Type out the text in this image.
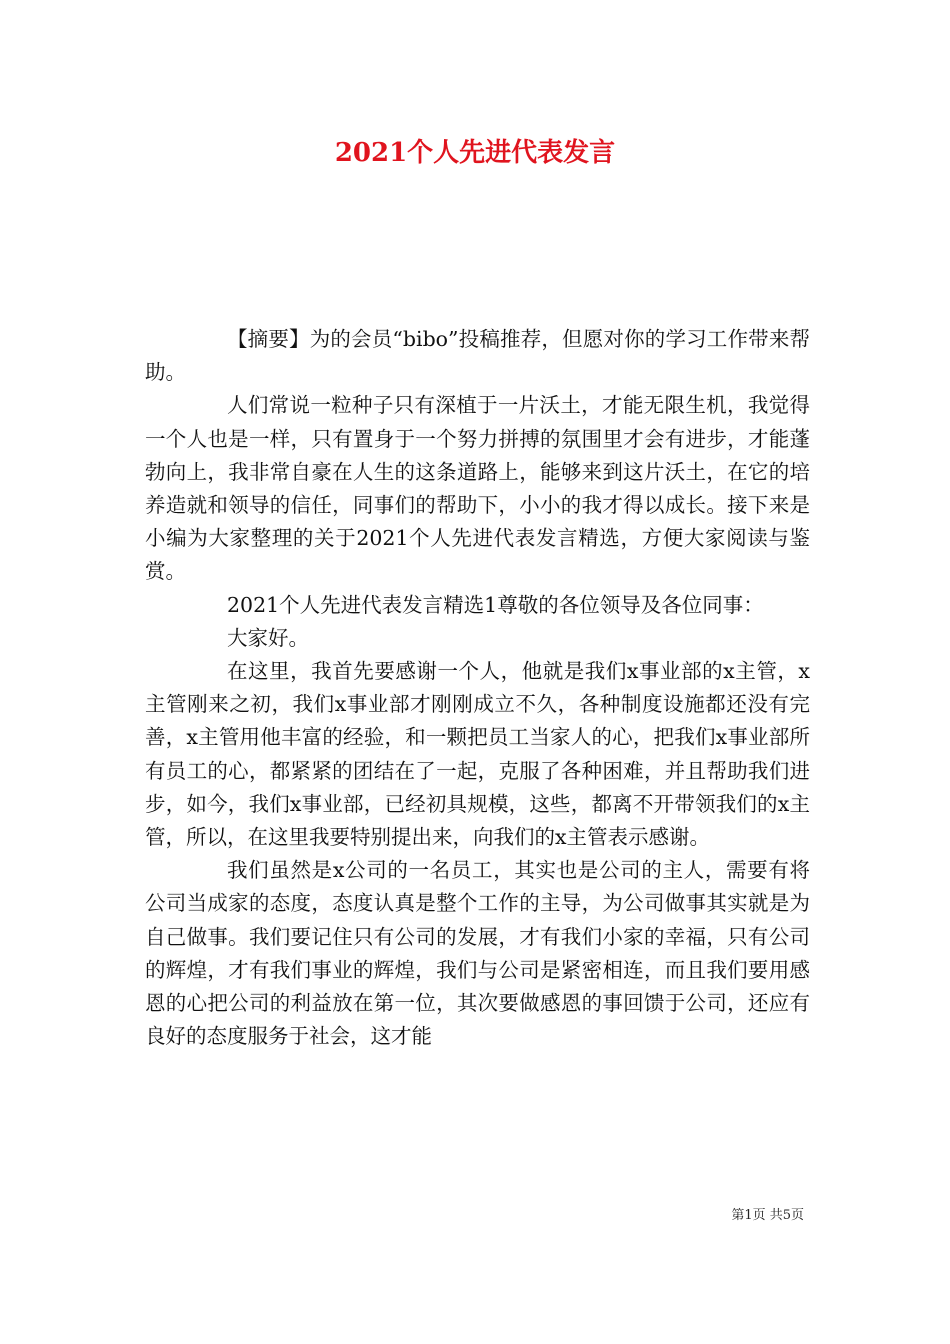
2021个人先进代表发言

【摘要】为的会员“bibo”投稿推荐，但愿对你的学习工作带来帮助。

人们常说一粒种子只有深植于一片沃土，才能无限生机，我觉得一个人也是一样，只有置身于一个努力拼搏的氛围里才会有进步，才能蓬勃向上，我非常自豪在人生的这条道路上，能够来到这片沃土，在它的培养造就和领导的信任，同事们的帮助下，小小的我才得以成长。接下来是小编为大家整理的关于2021个人先进代表发言精选，方便大家阅读与鉴赏。

2021个人先进代表发言精选1尊敬的各位领导及各位同事：

大家好。

在这里，我首先要感谢一个人，他就是我们x事业部的x主管，x主管刚来之初，我们x事业部才刚刚成立不久，各种制度设施都还没有完善，x主管用他丰富的经验，和一颗把员工当家人的心，把我们x事业部所有员工的心，都紧紧的团结在了一起，克服了各种困难，并且帮助我们进步，如今，我们x事业部，已经初具规模，这些，都离不开带领我们的x主管，所以，在这里我要特别提出来，向我们的x主管表示感谢。

我们虽然是x公司的一名员工，其实也是公司的主人，需要有将公司当成家的态度，态度认真是整个工作的主导，为公司做事其实就是为自己做事。我们要记住只有公司的发展，才有我们小家的幸福，只有公司的辉煌，才有我们事业的辉煌，我们与公司是紧密相连，而且我们要用感恩的心把公司的利益放在第一位，其次要做感恩的事回馈于公司，还应有良好的态度服务于社会，这才能

第1页 共5页
